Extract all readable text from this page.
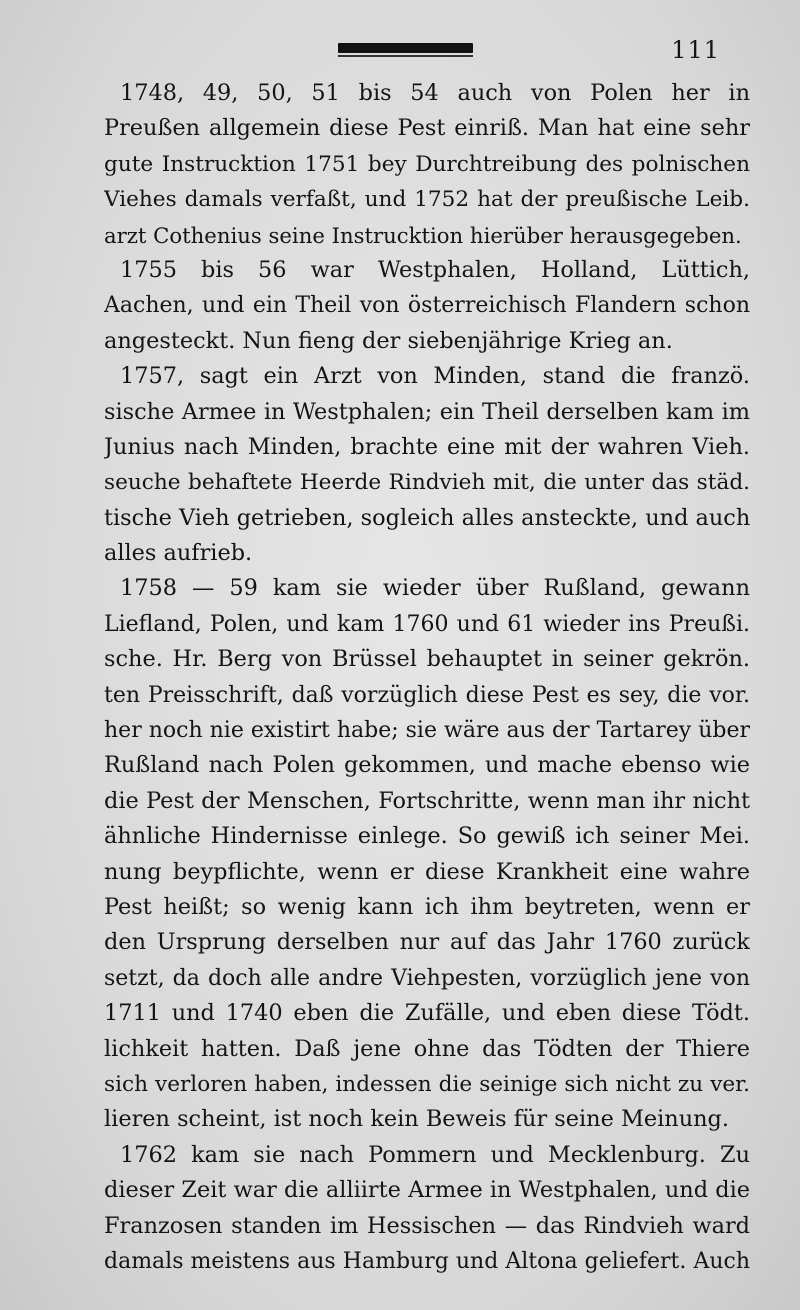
111
1748, 49, 50, 51 bis 54 auch von Polen her in
Preußen allgemein diese Pest einriß. Man hat eine sehr
gute Instrucktion 1751 bey Durchtreibung des polnischen
Viehes damals verfaßt, und 1752 hat der preußische Leib.
arzt Cothenius seine Instrucktion hierüber herausgegeben.
1755 bis 56 war Westphalen, Holland, Lüttich,
Aachen, und ein Theil von österreichisch Flandern schon
angesteckt. Nun fieng der siebenjährige Krieg an.
1757, sagt ein Arzt von Minden, stand die franzö.
sische Armee in Westphalen; ein Theil derselben kam im
Junius nach Minden, brachte eine mit der wahren Vieh.
seuche behaftete Heerde Rindvieh mit, die unter das städ.
tische Vieh getrieben, sogleich alles ansteckte, und auch
alles aufrieb.
1758 — 59 kam sie wieder über Rußland, gewann
Liefland, Polen, und kam 1760 und 61 wieder ins Preußi.
sche. Hr. Berg von Brüssel behauptet in seiner gekrön.
ten Preisschrift, daß vorzüglich diese Pest es sey, die vor.
her noch nie existirt habe; sie wäre aus der Tartarey über
Rußland nach Polen gekommen, und mache ebenso wie
die Pest der Menschen, Fortschritte, wenn man ihr nicht
ähnliche Hindernisse einlege. So gewiß ich seiner Mei.
nung beypflichte, wenn er diese Krankheit eine wahre
Pest heißt; so wenig kann ich ihm beytreten, wenn er
den Ursprung derselben nur auf das Jahr 1760 zurück
setzt, da doch alle andre Viehpesten, vorzüglich jene von
1711 und 1740 eben die Zufälle, und eben diese Tödt.
lichkeit hatten. Daß jene ohne das Tödten der Thiere
sich verloren haben, indessen die seinige sich nicht zu ver.
lieren scheint, ist noch kein Beweis für seine Meinung.
1762 kam sie nach Pommern und Mecklenburg. Zu
dieser Zeit war die alliirte Armee in Westphalen, und die
Franzosen standen im Hessischen — das Rindvieh ward
damals meistens aus Hamburg und Altona geliefert. Auch
